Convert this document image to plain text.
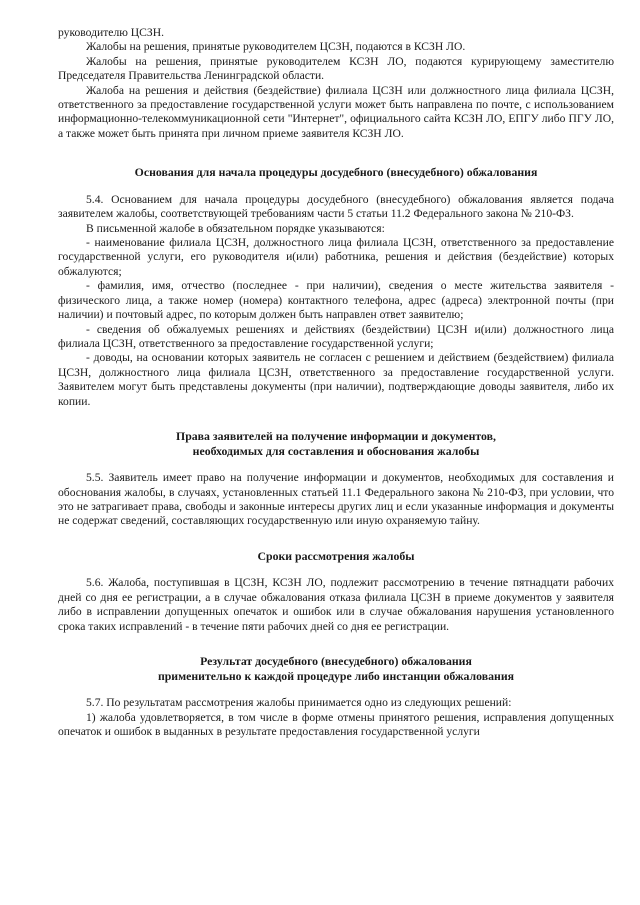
руководителю ЦСЗН.

Жалобы на решения, принятые руководителем ЦСЗН, подаются в КСЗН ЛО.

Жалобы на решения, принятые руководителем КСЗН ЛО, подаются курирующему заместителю Председателя Правительства Ленинградской области.

Жалоба на решения и действия (бездействие) филиала ЦСЗН или должностного лица филиала ЦСЗН, ответственного за предоставление государственной услуги может быть направлена по почте, с использованием информационно-телекоммуникационной сети "Интернет", официального сайта КСЗН ЛО, ЕПГУ либо ПГУ ЛО, а также может быть принята при личном приеме заявителя КСЗН ЛО.

Основания для начала процедуры досудебного (внесудебного) обжалования

5.4. Основанием для начала процедуры досудебного (внесудебного) обжалования является подача заявителем жалобы, соответствующей требованиям части 5 статьи 11.2 Федерального закона № 210-ФЗ.

В письменной жалобе в обязательном порядке указываются:

- наименование филиала ЦСЗН, должностного лица филиала ЦСЗН, ответственного за предоставление государственной услуги, его руководителя и(или) работника, решения и действия (бездействие) которых обжалуются;

- фамилия, имя, отчество (последнее - при наличии), сведения о месте жительства заявителя - физического лица, а также номер (номера) контактного телефона, адрес (адреса) электронной почты (при наличии) и почтовый адрес, по которым должен быть направлен ответ заявителю;

- сведения об обжалуемых решениях и действиях (бездействии) ЦСЗН и(или) должностного лица филиала ЦСЗН, ответственного за предоставление государственной услуги;

- доводы, на основании которых заявитель не согласен с решением и действием (бездействием) филиала ЦСЗН, должностного лица филиала ЦСЗН, ответственного за предоставление государственной услуги. Заявителем могут быть представлены документы (при наличии), подтверждающие доводы заявителя, либо их копии.

Права заявителей на получение информации и документов,

необходимых для составления и обоснования жалобы

5.5. Заявитель имеет право на получение информации и документов, необходимых для составления и обоснования жалобы, в случаях, установленных статьей 11.1 Федерального закона № 210-ФЗ, при условии, что это не затрагивает права, свободы и законные интересы других лиц и если указанные информация и документы не содержат сведений, составляющих государственную или иную охраняемую тайну.

Сроки рассмотрения жалобы

5.6. Жалоба, поступившая в ЦСЗН, КСЗН ЛО, подлежит рассмотрению в течение пятнадцати рабочих дней со дня ее регистрации, а в случае обжалования отказа филиала ЦСЗН в приеме документов у заявителя либо в исправлении допущенных опечаток и ошибок или в случае обжалования нарушения установленного срока таких исправлений - в течение пяти рабочих дней со дня ее регистрации.

Результат досудебного (внесудебного) обжалования

применительно к каждой процедуре либо инстанции обжалования

5.7. По результатам рассмотрения жалобы принимается одно из следующих решений:

1) жалоба удовлетворяется, в том числе в форме отмены принятого решения, исправления допущенных опечаток и ошибок в выданных в результате предоставления государственной услуги
